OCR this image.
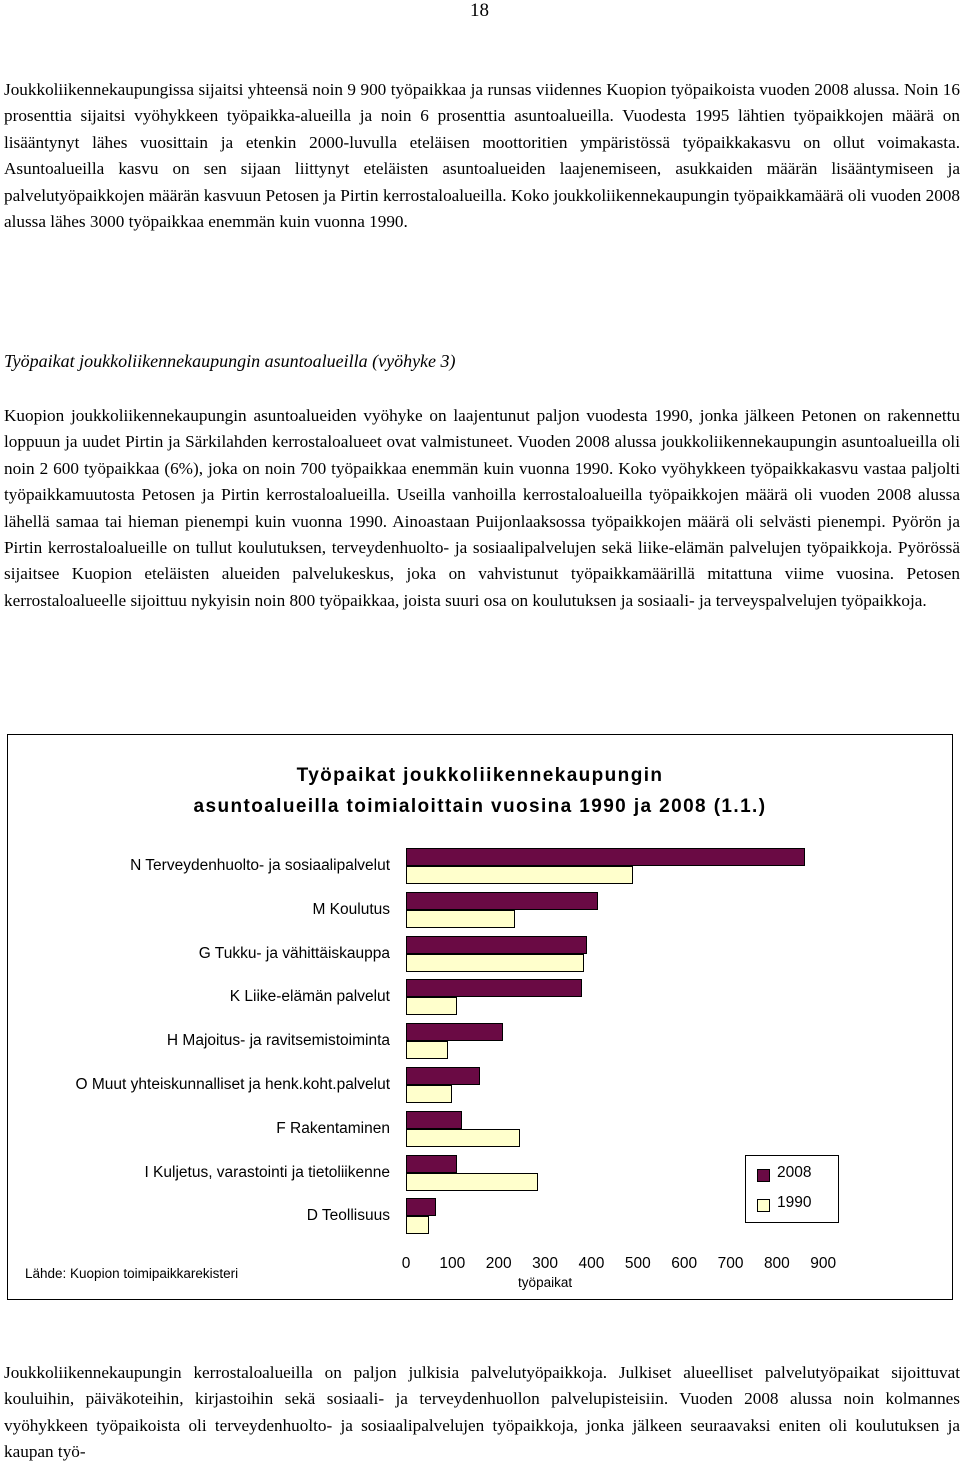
18

Joukkoliikennekaupungissa sijaitsi yhteensä noin 9 900 työpaikkaa ja runsas viidennes Kuopion työpaikoista vuoden 2008 alussa. Noin 16 prosenttia sijaitsi vyöhykkeen työpaikka-alueilla ja noin 6 prosenttia asuntoalueilla. Vuodesta 1995 lähtien työpaikkojen määrä on lisääntynyt lähes vuosittain ja etenkin 2000-luvulla eteläisen moottoritien ympäristössä työpaikkakasvu on ollut voimakasta. Asuntoalueilla kasvu on sen sijaan liittynyt eteläisten asuntoalueiden laajenemiseen, asukkaiden määrän lisääntymiseen ja palvelutyöpaikkojen määrän kasvuun Petosen ja Pirtin kerrostaloalueilla. Koko joukkoliikennekaupungin työpaikkamäärä oli vuoden 2008 alussa lähes 3000 työpaikkaa enemmän kuin vuonna 1990.

Työpaikat joukkoliikennekaupungin asuntoalueilla (vyöhyke 3)

Kuopion joukkoliikennekaupungin asuntoalueiden vyöhyke on laajentunut paljon vuodesta 1990, jonka jälkeen Petonen on rakennettu loppuun ja uudet Pirtin ja Särkilahden kerrostaloalueet ovat valmistuneet. Vuoden 2008 alussa joukkoliikennekaupungin asuntoalueilla oli noin 2 600 työpaikkaa (6%), joka on noin 700 työpaikkaa enemmän kuin vuonna 1990. Koko vyöhykkeen työpaikkakasvu vastaa paljolti työpaikkamuutosta Petosen ja Pirtin kerrostaloalueilla. Useilla vanhoilla kerrostaloalueilla työpaikkojen määrä oli vuoden 2008 alussa lähellä samaa tai hieman pienempi kuin vuonna 1990. Ainoastaan Puijonlaaksossa työpaikkojen määrä oli selvästi pienempi. Pyörön ja Pirtin kerrostaloalueille on tullut koulutuksen, terveydenhuolto- ja sosiaalipalvelujen sekä liike-elämän palvelujen työpaikkoja. Pyörössä sijaitsee Kuopion eteläisten alueiden palvelukeskus, joka on vahvistunut työpaikkamäärillä mitattuna viime vuosina. Petosen kerrostaloalueelle sijoittuu nykyisin noin 800 työpaikkaa, joista suuri osa on koulutuksen ja sosiaali- ja terveyspalvelujen työpaikkoja.

Työpaikat joukkoliikennekaupungin
asuntoalueilla toimialoittain vuosina 1990 ja 2008 (1.1.)
N Terveydenhuolto- ja sosiaalipalvelut
M Koulutus
G Tukku- ja vähittäiskauppa
K Liike-elämän palvelut
H Majoitus- ja ravitsemistoiminta
O Muut yhteiskunnalliset ja henk.koht.palvelut
F Rakentaminen
I Kuljetus, varastointi ja tietoliikenne
D Teollisuus
0 100 200 300 400 500 600 700 800 900
työpaikat
2008
1990
Lähde: Kuopion toimipaikkarekisteri

Joukkoliikennekaupungin kerrostaloalueilla on paljon julkisia palvelutyöpaikkoja. Julkiset alueelliset palvelutyöpaikat sijoittuvat kouluihin, päiväkoteihin, kirjastoihin sekä sosiaali- ja terveydenhuollon palvelupisteisiin. Vuoden 2008 alussa noin kolmannes vyöhykkeen työpaikoista oli terveydenhuolto- ja sosiaalipalvelujen työpaikkoja, jonka jälkeen seuraavaksi eniten oli koulutuksen ja kaupan työ-
